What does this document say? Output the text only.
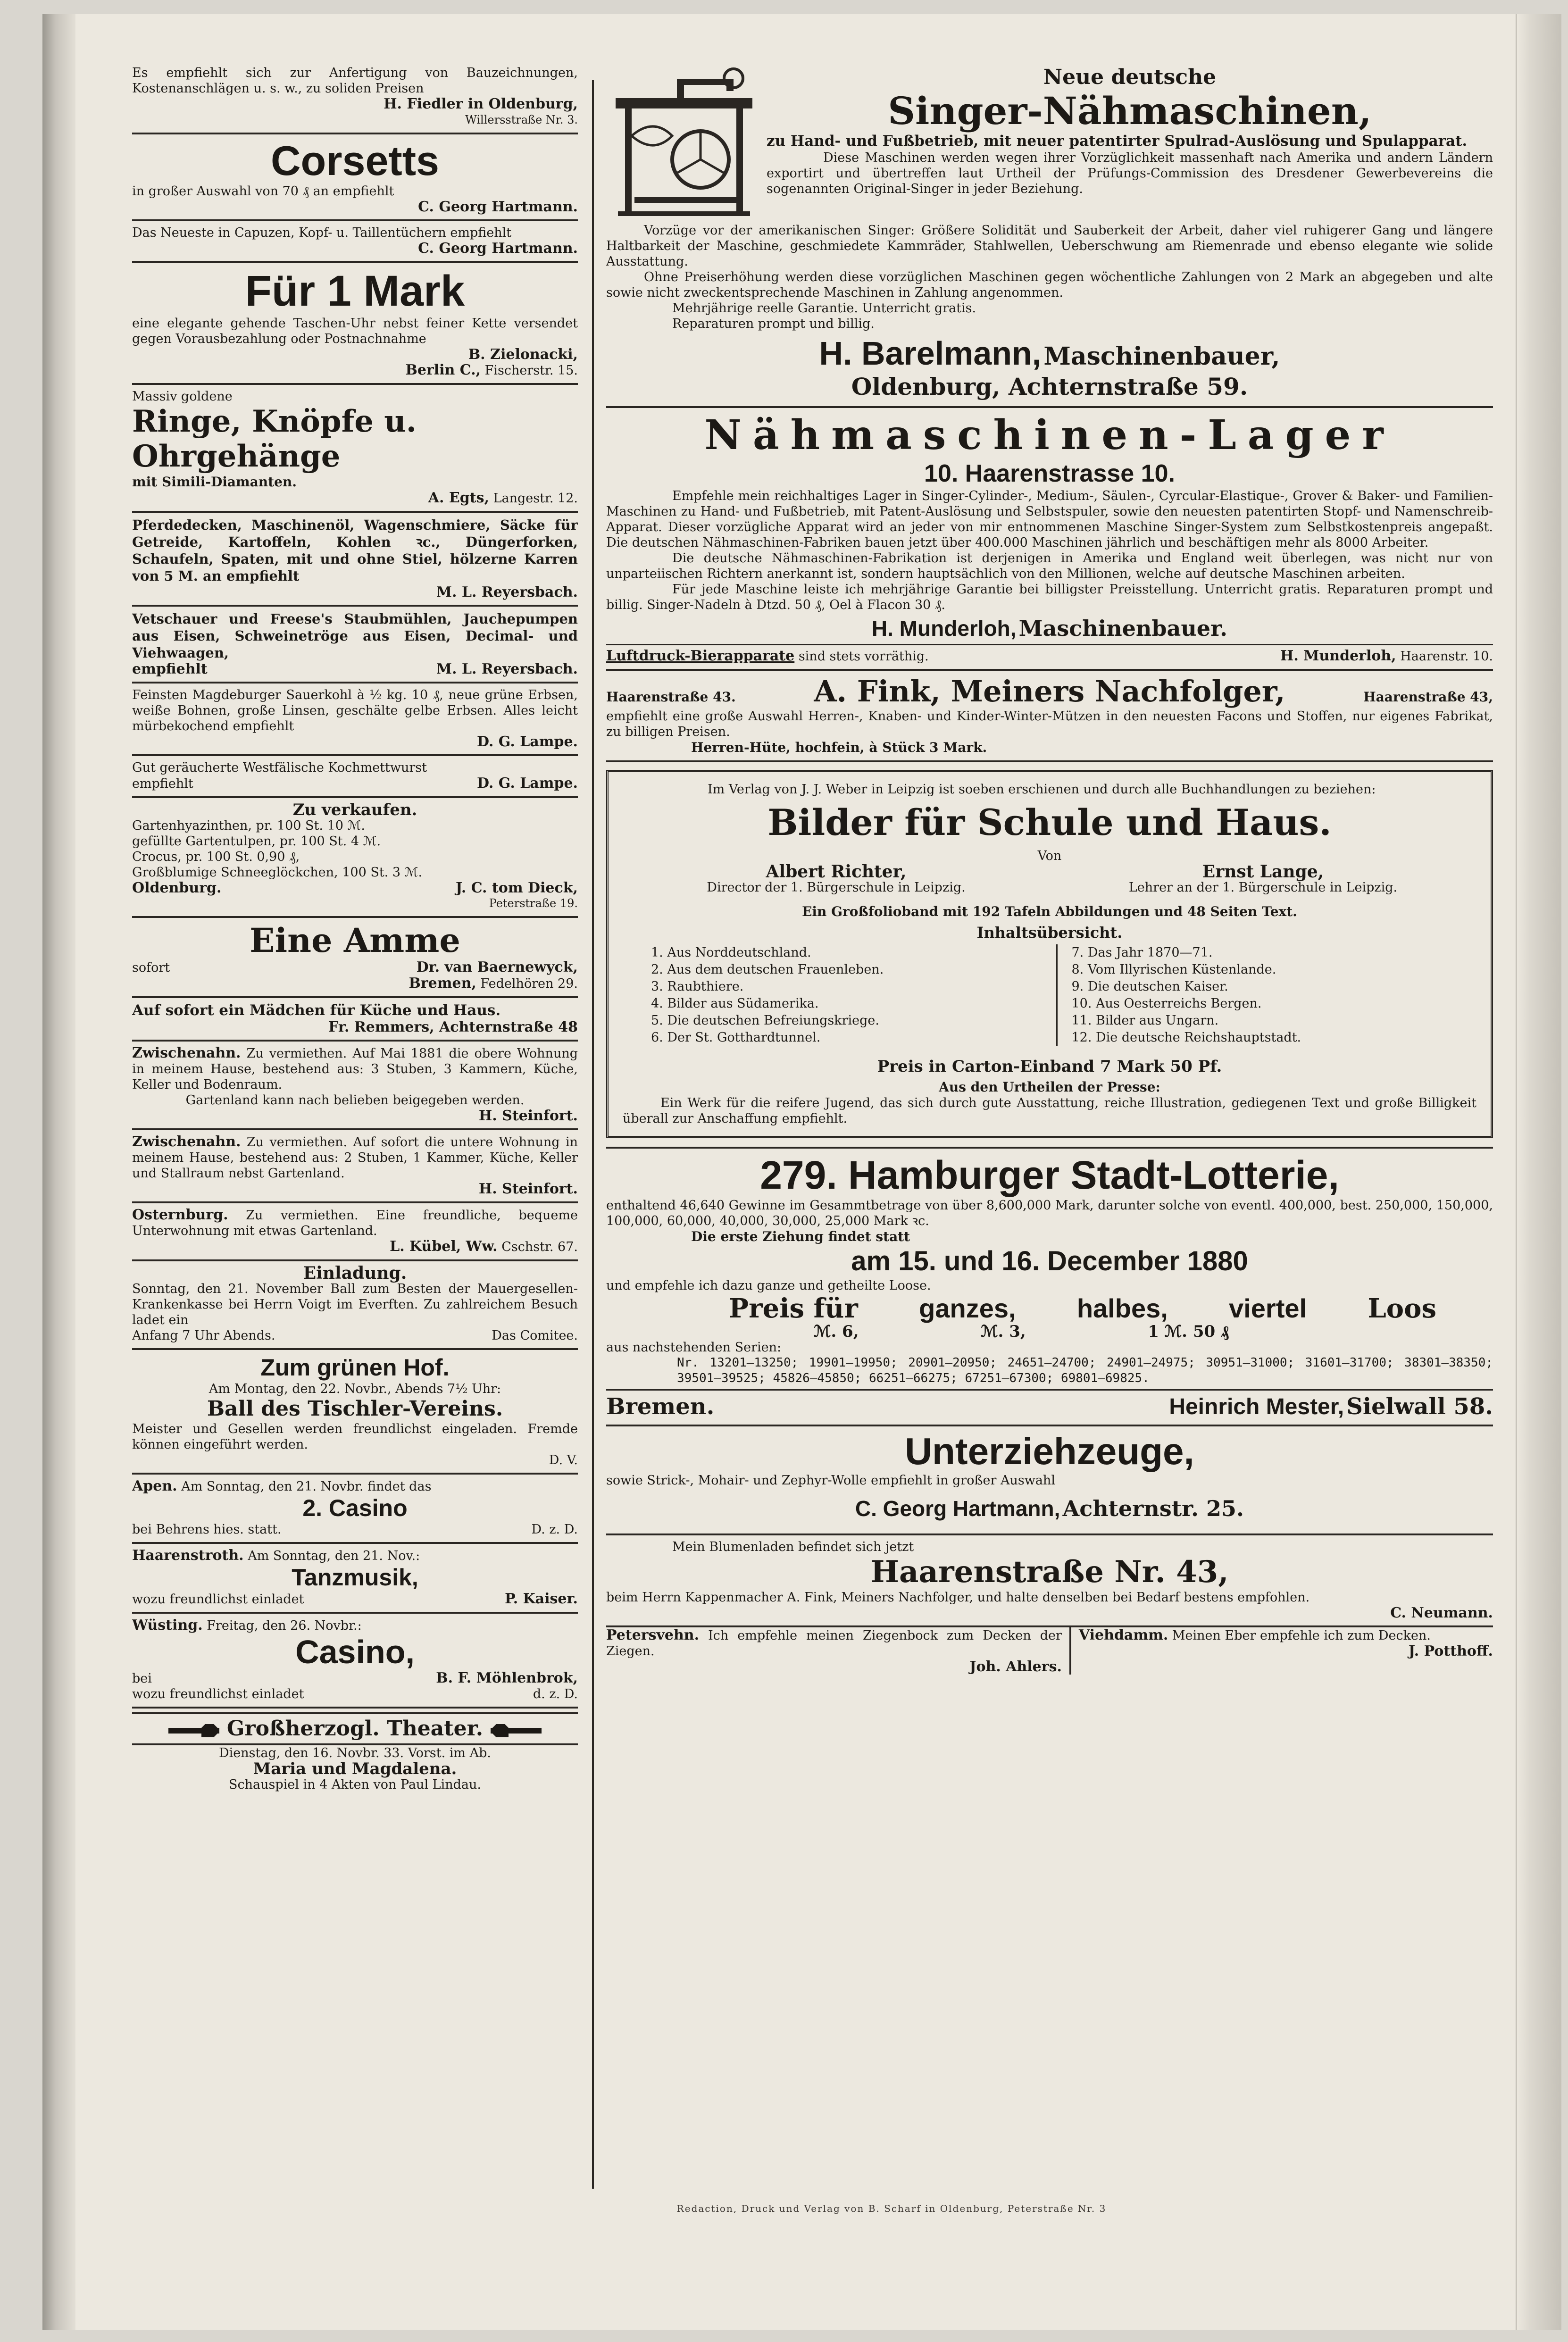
Es empfiehlt sich zur Anfertigung von Bauzeichnungen, Kostenanschlägen u. s. w., zu soliden Preisen

H. Fiedler in Oldenburg,

Willersstraße Nr. 3.

Corsetts

in großer Auswahl von 70 ₰ an empfiehlt

C. Georg Hartmann.

Das Neueste in Capuzen, Kopf- u. Taillentüchern empfiehlt

C. Georg Hartmann.

Für 1 Mark

eine elegante gehende Taschen-Uhr nebst feiner Kette versendet gegen Vorausbezahlung oder Postnachnahme

B. Zielonacki,

Berlin C., Fischerstr. 15.

Massiv goldene

Ringe, Knöpfe u. Ohrgehänge

mit Simili-Diamanten.

A. Egts, Langestr. 12.

Pferdedecken, Maschinenöl, Wagenschmiere, Säcke für Getreide, Kartoffeln, Kohlen ꝛc., Düngerforken, Schaufeln, Spaten, mit und ohne Stiel, hölzerne Karren von 5 M. an empfiehlt

M. L. Reyersbach.

Vetschauer und Freese's Staubmühlen, Jauchepumpen aus Eisen, Schweinetröge aus Eisen, Decimal- und Viehwaagen,

empfiehlt	M. L. Reyersbach.

Feinsten Magdeburger Sauerkohl à ½ kg. 10 ₰, neue grüne Erbsen, weiße Bohnen, große Linsen, geschälte gelbe Erbsen. Alles leicht mürbekochend empfiehlt

D. G. Lampe.

Gut geräucherte Westfälische Kochmettwurst

empfiehlt	D. G. Lampe.

Zu verkaufen.

Gartenhyazinthen, pr. 100 St. 10 ℳ.

gefüllte Gartentulpen, pr. 100 St. 4 ℳ.

Crocus, pr. 100 St. 0,90 ₰,

Großblumige Schneeglöckchen, 100 St. 3 ℳ.

Oldenburg.	J. C. tom Dieck,

Peterstraße 19.

Eine Amme

sofort	Dr. van Baernewyck,

Bremen, Fedelhören 29.

Auf sofort ein Mädchen für Küche und Haus.

Fr. Remmers, Achternstraße 48

Zwischenahn. Zu vermiethen. Auf Mai 1881 die obere Wohnung in meinem Hause, bestehend aus: 3 Stuben, 3 Kammern, Küche, Keller und Bodenraum.

Gartenland kann nach belieben beigegeben werden.

H. Steinfort.

Zwischenahn. Zu vermiethen. Auf sofort die untere Wohnung in meinem Hause, bestehend aus: 2 Stuben, 1 Kammer, Küche, Keller und Stallraum nebst Gartenland.

H. Steinfort.

Osternburg. Zu vermiethen. Eine freundliche, bequeme Unterwohnung mit etwas Gartenland.

L. Kübel, Ww. Cschstr. 67.

Einladung.

Sonntag, den 21. November Ball zum Besten der Mauergesellen-Krankenkasse bei Herrn Voigt im Everften. Zu zahlreichem Besuch ladet ein

Anfang 7 Uhr Abends.	Das Comitee.

Zum grünen Hof.

Am Montag, den 22. Novbr., Abends 7½ Uhr:

Ball des Tischler-Vereins.

Meister und Gesellen werden freundlichst eingeladen. Fremde können eingeführt werden.

D. V.

Apen. Am Sonntag, den 21. Novbr. findet das

2. Casino

bei Behrens hies. statt.	D. z. D.

Haarenstroth. Am Sonntag, den 21. Nov.:

Tanzmusik,

wozu freundlichst einladet	P. Kaiser.

Wüsting. Freitag, den 26. Novbr.:

Casino,

bei	B. F. Möhlenbrok,

wozu freundlichst einladet	d. z. D.

Großherzogl. Theater.

Dienstag, den 16. Novbr. 33. Vorst. im Ab.

Maria und Magdalena.

Schauspiel in 4 Akten von Paul Lindau.

Neue deutsche

Singer-Nähmaschinen,

zu Hand- und Fußbetrieb, mit neuer patentirter Spulrad-Auslösung und Spulapparat.

Diese Maschinen werden wegen ihrer Vorzüglichkeit massenhaft nach Amerika und andern Ländern exportirt und übertreffen laut Urtheil der Prüfungs-Commission des Dresdener Gewerbevereins die sogenannten Original-Singer in jeder Beziehung.

Vorzüge vor der amerikanischen Singer: Größere Solidität und Sauberkeit der Arbeit, daher viel ruhigerer Gang und längere Haltbarkeit der Maschine, geschmiedete Kammräder, Stahlwellen, Ueberschwung am Riemenrade und ebenso elegante wie solide Ausstattung.

Ohne Preiserhöhung werden diese vorzüglichen Maschinen gegen wöchentliche Zahlungen von 2 Mark an abgegeben und alte sowie nicht zweckentsprechende Maschinen in Zahlung angenommen.

Mehrjährige reelle Garantie. Unterricht gratis.

Reparaturen prompt und billig.

H. Barelmann, Maschinenbauer,

Oldenburg, Achternstraße 59.

Nähmaschinen-Lager

10. Haarenstrasse 10.

Empfehle mein reichhaltiges Lager in Singer-Cylinder-, Medium-, Säulen-, Cyrcular-Elastique-, Grover & Baker- und Familien-Maschinen zu Hand- und Fußbetrieb, mit Patent-Auslösung und Selbstspuler, sowie den neuesten patentirten Stopf- und Namenschreib-Apparat. Dieser vorzügliche Apparat wird an jeder von mir entnommenen Maschine Singer-System zum Selbstkostenpreis angepaßt. Die deutschen Nähmaschinen-Fabriken bauen jetzt über 400.000 Maschinen jährlich und beschäftigen mehr als 8000 Arbeiter.

Die deutsche Nähmaschinen-Fabrikation ist derjenigen in Amerika und England weit überlegen, was nicht nur von unparteiischen Richtern anerkannt ist, sondern hauptsächlich von den Millionen, welche auf deutsche Maschinen arbeiten.

Für jede Maschine leiste ich mehrjährige Garantie bei billigster Preisstellung. Unterricht gratis. Reparaturen prompt und billig. Singer-Nadeln à Dtzd. 50 ₰, Oel à Flacon 30 ₰.

H. Munderloh, Maschinenbauer.

Luftdruck-Bierapparate sind stets vorräthig.	H. Munderloh, Haarenstr. 10.

Haarenstraße 43.	A. Fink, Meiners Nachfolger,	Haarenstraße 43,

empfiehlt eine große Auswahl Herren-, Knaben- und Kinder-Winter-Mützen in den neuesten Facons und Stoffen, nur eigenes Fabrikat, zu billigen Preisen.

Herren-Hüte, hochfein, à Stück 3 Mark.

Im Verlag von J. J. Weber in Leipzig ist soeben erschienen und durch alle Buchhandlungen zu beziehen:

Bilder für Schule und Haus.

Von

Albert Richter,

Director der 1. Bürgerschule in Leipzig.

Ernst Lange,

Lehrer an der 1. Bürgerschule in Leipzig.

Ein Großfolioband mit 192 Tafeln Abbildungen und 48 Seiten Text.

Inhaltsübersicht.

1. Aus Norddeutschland.

2. Aus dem deutschen Frauenleben.

3. Raubthiere.

4. Bilder aus Südamerika.

5. Die deutschen Befreiungskriege.

6. Der St. Gotthardtunnel.

7. Das Jahr 1870—71.

8. Vom Illyrischen Küstenlande.

9. Die deutschen Kaiser.

10. Aus Oesterreichs Bergen.

11. Bilder aus Ungarn.

12. Die deutsche Reichshauptstadt.

Preis in Carton-Einband 7 Mark 50 Pf.

Aus den Urtheilen der Presse:

Ein Werk für die reifere Jugend, das sich durch gute Ausstattung, reiche Illustration, gediegenen Text und große Billigkeit überall zur Anschaffung empfiehlt.

279. Hamburger Stadt-Lotterie,

enthaltend 46,640 Gewinne im Gesammtbetrage von über 8,600,000 Mark, darunter solche von eventl. 400,000, best. 250,000, 150,000, 100,000, 60,000, 40,000, 30,000, 25,000 Mark ꝛc.

Die erste Ziehung findet statt

am 15. und 16. December 1880

und empfehle ich dazu ganze und getheilte Loose.

Preis für ganzes, halbes, viertel Loos

ℳ. 6,	ℳ. 3,	1 ℳ. 50 ₰

aus nachstehenden Serien:

Nr. 13201—13250; 19901—19950; 20901—20950; 24651—24700; 24901—24975; 30951—31000; 31601—31700; 38301—38350; 39501—39525; 45826—45850; 66251—66275; 67251—67300; 69801—69825.

Bremen.	Heinrich Mester, Sielwall 58.

Unterziehzeuge,

sowie Strick-, Mohair- und Zephyr-Wolle empfiehlt in großer Auswahl

C. Georg Hartmann, Achternstr. 25.

Mein Blumenladen befindet sich jetzt

Haarenstraße Nr. 43,

beim Herrn Kappenmacher A. Fink, Meiners Nachfolger, und halte denselben bei Bedarf bestens empfohlen.

C. Neumann.

Petersvehn. Ich empfehle meinen Ziegenbock zum Decken der Ziegen.

Joh. Ahlers.

Viehdamm. Meinen Eber empfehle ich zum Decken.

J. Potthoff.

Redaction, Druck und Verlag von B. Scharf in Oldenburg, Peterstraße Nr. 3
